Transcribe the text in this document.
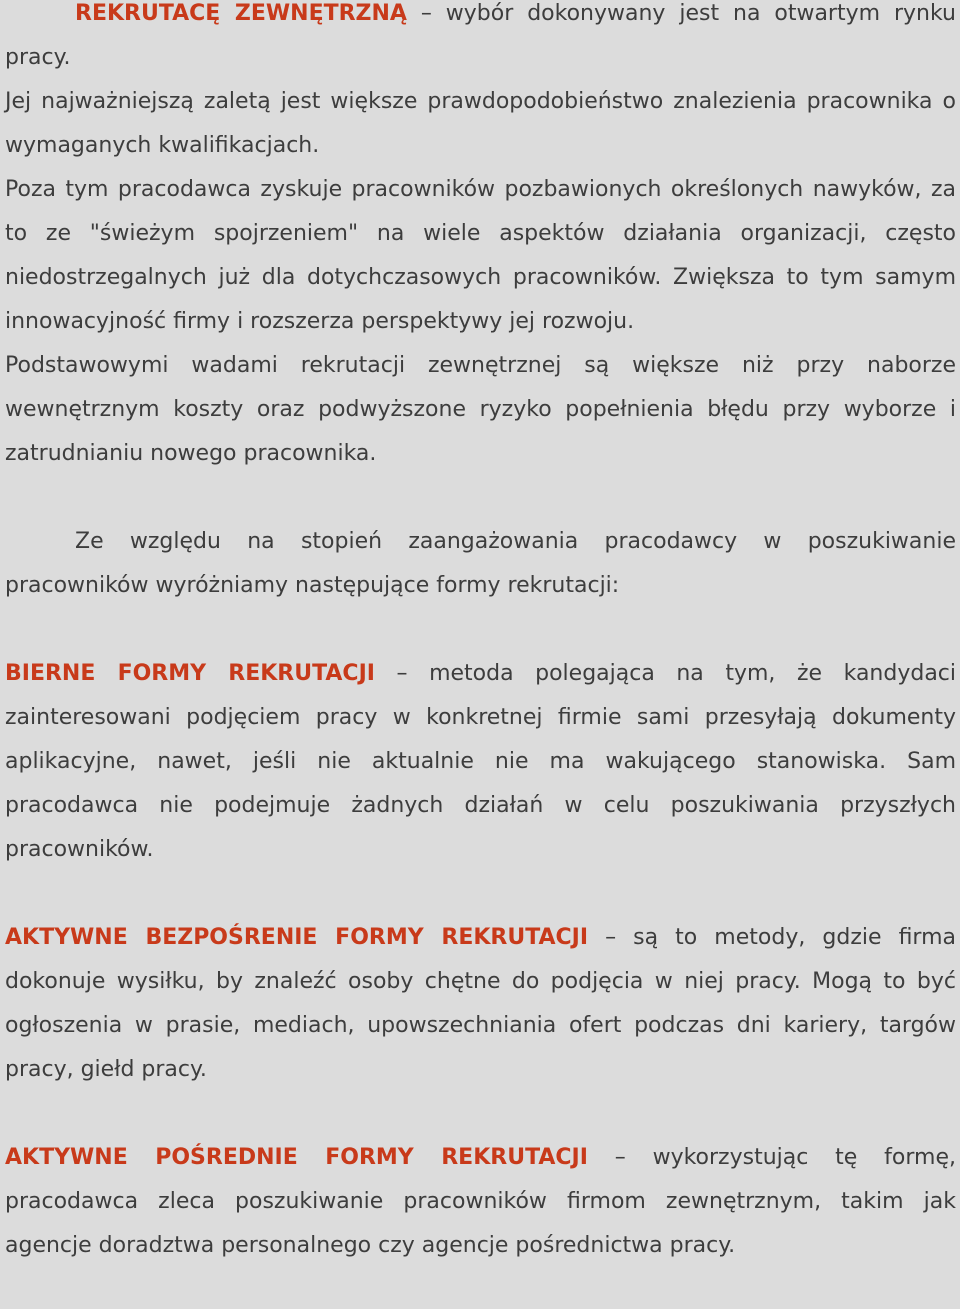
REKRUTACĘ ZEWNĘTRZNĄ – wybór dokonywany jest na otwartym rynku pracy.

Jej najważniejszą zaletą jest większe prawdopodobieństwo znalezienia pracownika o wymaganych kwalifikacjach.

Poza tym pracodawca zyskuje pracowników pozbawionych określonych nawyków, za to ze "świeżym spojrzeniem" na wiele aspektów działania organizacji, często niedostrzegalnych już dla dotychczasowych pracowników. Zwiększa to tym samym innowacyjność firmy i rozszerza perspektywy jej rozwoju.

Podstawowymi wadami rekrutacji zewnętrznej są większe niż przy naborze wewnętrznym koszty oraz podwyższone ryzyko popełnienia błędu przy wyborze i zatrudnianiu nowego pracownika.

Ze względu na stopień zaangażowania pracodawcy w poszukiwanie pracowników wyróżniamy następujące formy rekrutacji:

BIERNE FORMY REKRUTACJI – metoda polegająca na tym, że kandydaci zainteresowani podjęciem pracy w konkretnej firmie sami przesyłają dokumenty aplikacyjne, nawet, jeśli nie aktualnie nie ma wakującego stanowiska. Sam pracodawca nie podejmuje żadnych działań w celu poszukiwania przyszłych pracowników.

AKTYWNE BEZPOŚRENIE FORMY REKRUTACJI – są to metody, gdzie firma dokonuje wysiłku, by znaleźć osoby chętne do podjęcia w niej pracy. Mogą to być ogłoszenia w prasie, mediach, upowszechniania ofert podczas dni kariery, targów pracy, giełd pracy.

AKTYWNE POŚREDNIE FORMY REKRUTACJI – wykorzystując tę formę, pracodawca zleca poszukiwanie pracowników firmom zewnętrznym, takim jak agencje doradztwa personalnego czy agencje pośrednictwa pracy.
